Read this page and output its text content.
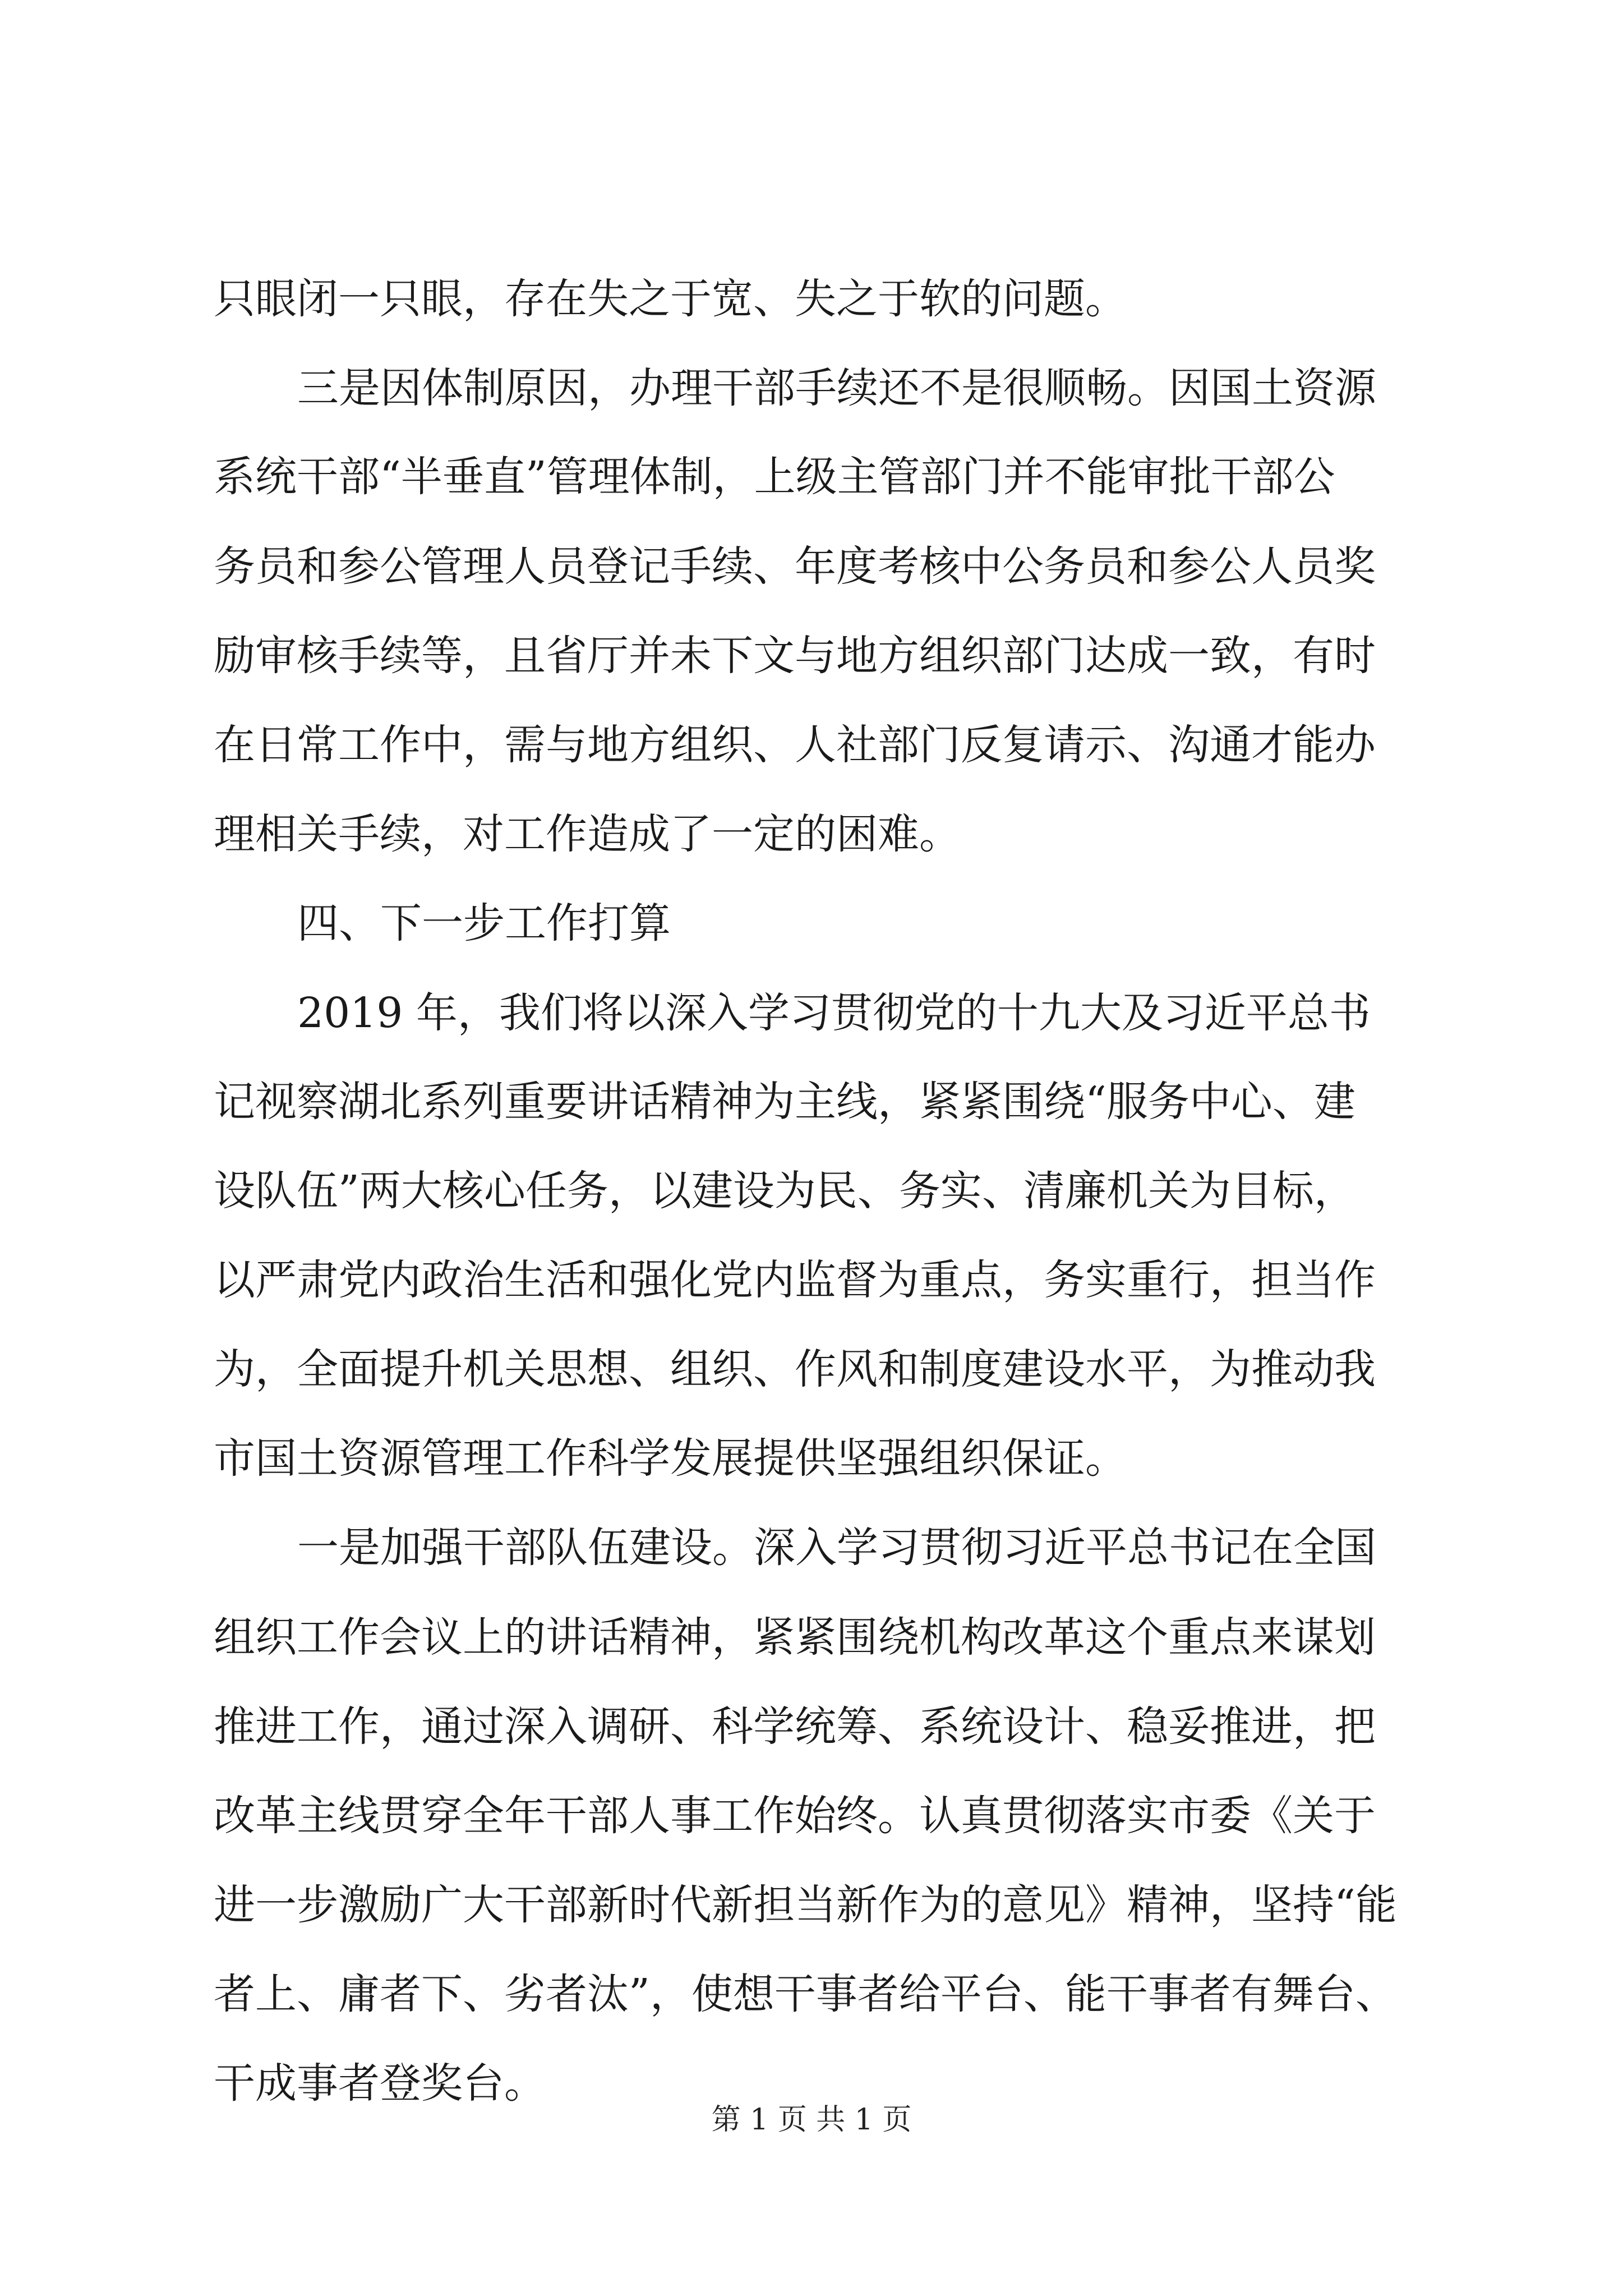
只眼闭一只眼，存在失之于宽、失之于软的问题。
三是因体制原因，办理干部手续还不是很顺畅。因国土资源
系统干部“半垂直”管理体制，上级主管部门并不能审批干部公
务员和参公管理人员登记手续、年度考核中公务员和参公人员奖
励审核手续等，且省厅并未下文与地方组织部门达成一致，有时
在日常工作中，需与地方组织、人社部门反复请示、沟通才能办
理相关手续，对工作造成了一定的困难。
四、下一步工作打算
2019 年，我们将以深入学习贯彻党的十九大及习近平总书
记视察湖北系列重要讲话精神为主线，紧紧围绕“服务中心、建
设队伍”两大核心任务，以建设为民、务实、清廉机关为目标，
以严肃党内政治生活和强化党内监督为重点，务实重行，担当作
为，全面提升机关思想、组织、作风和制度建设水平，为推动我
市国土资源管理工作科学发展提供坚强组织保证。
一是加强干部队伍建设。深入学习贯彻习近平总书记在全国
组织工作会议上的讲话精神，紧紧围绕机构改革这个重点来谋划
推进工作，通过深入调研、科学统筹、系统设计、稳妥推进，把
改革主线贯穿全年干部人事工作始终。认真贯彻落实市委《关于
进一步激励广大干部新时代新担当新作为的意见》精神，坚持“能
者上、庸者下、劣者汰”，使想干事者给平台、能干事者有舞台、
干成事者登奖台。
第 1 页 共 1 页
